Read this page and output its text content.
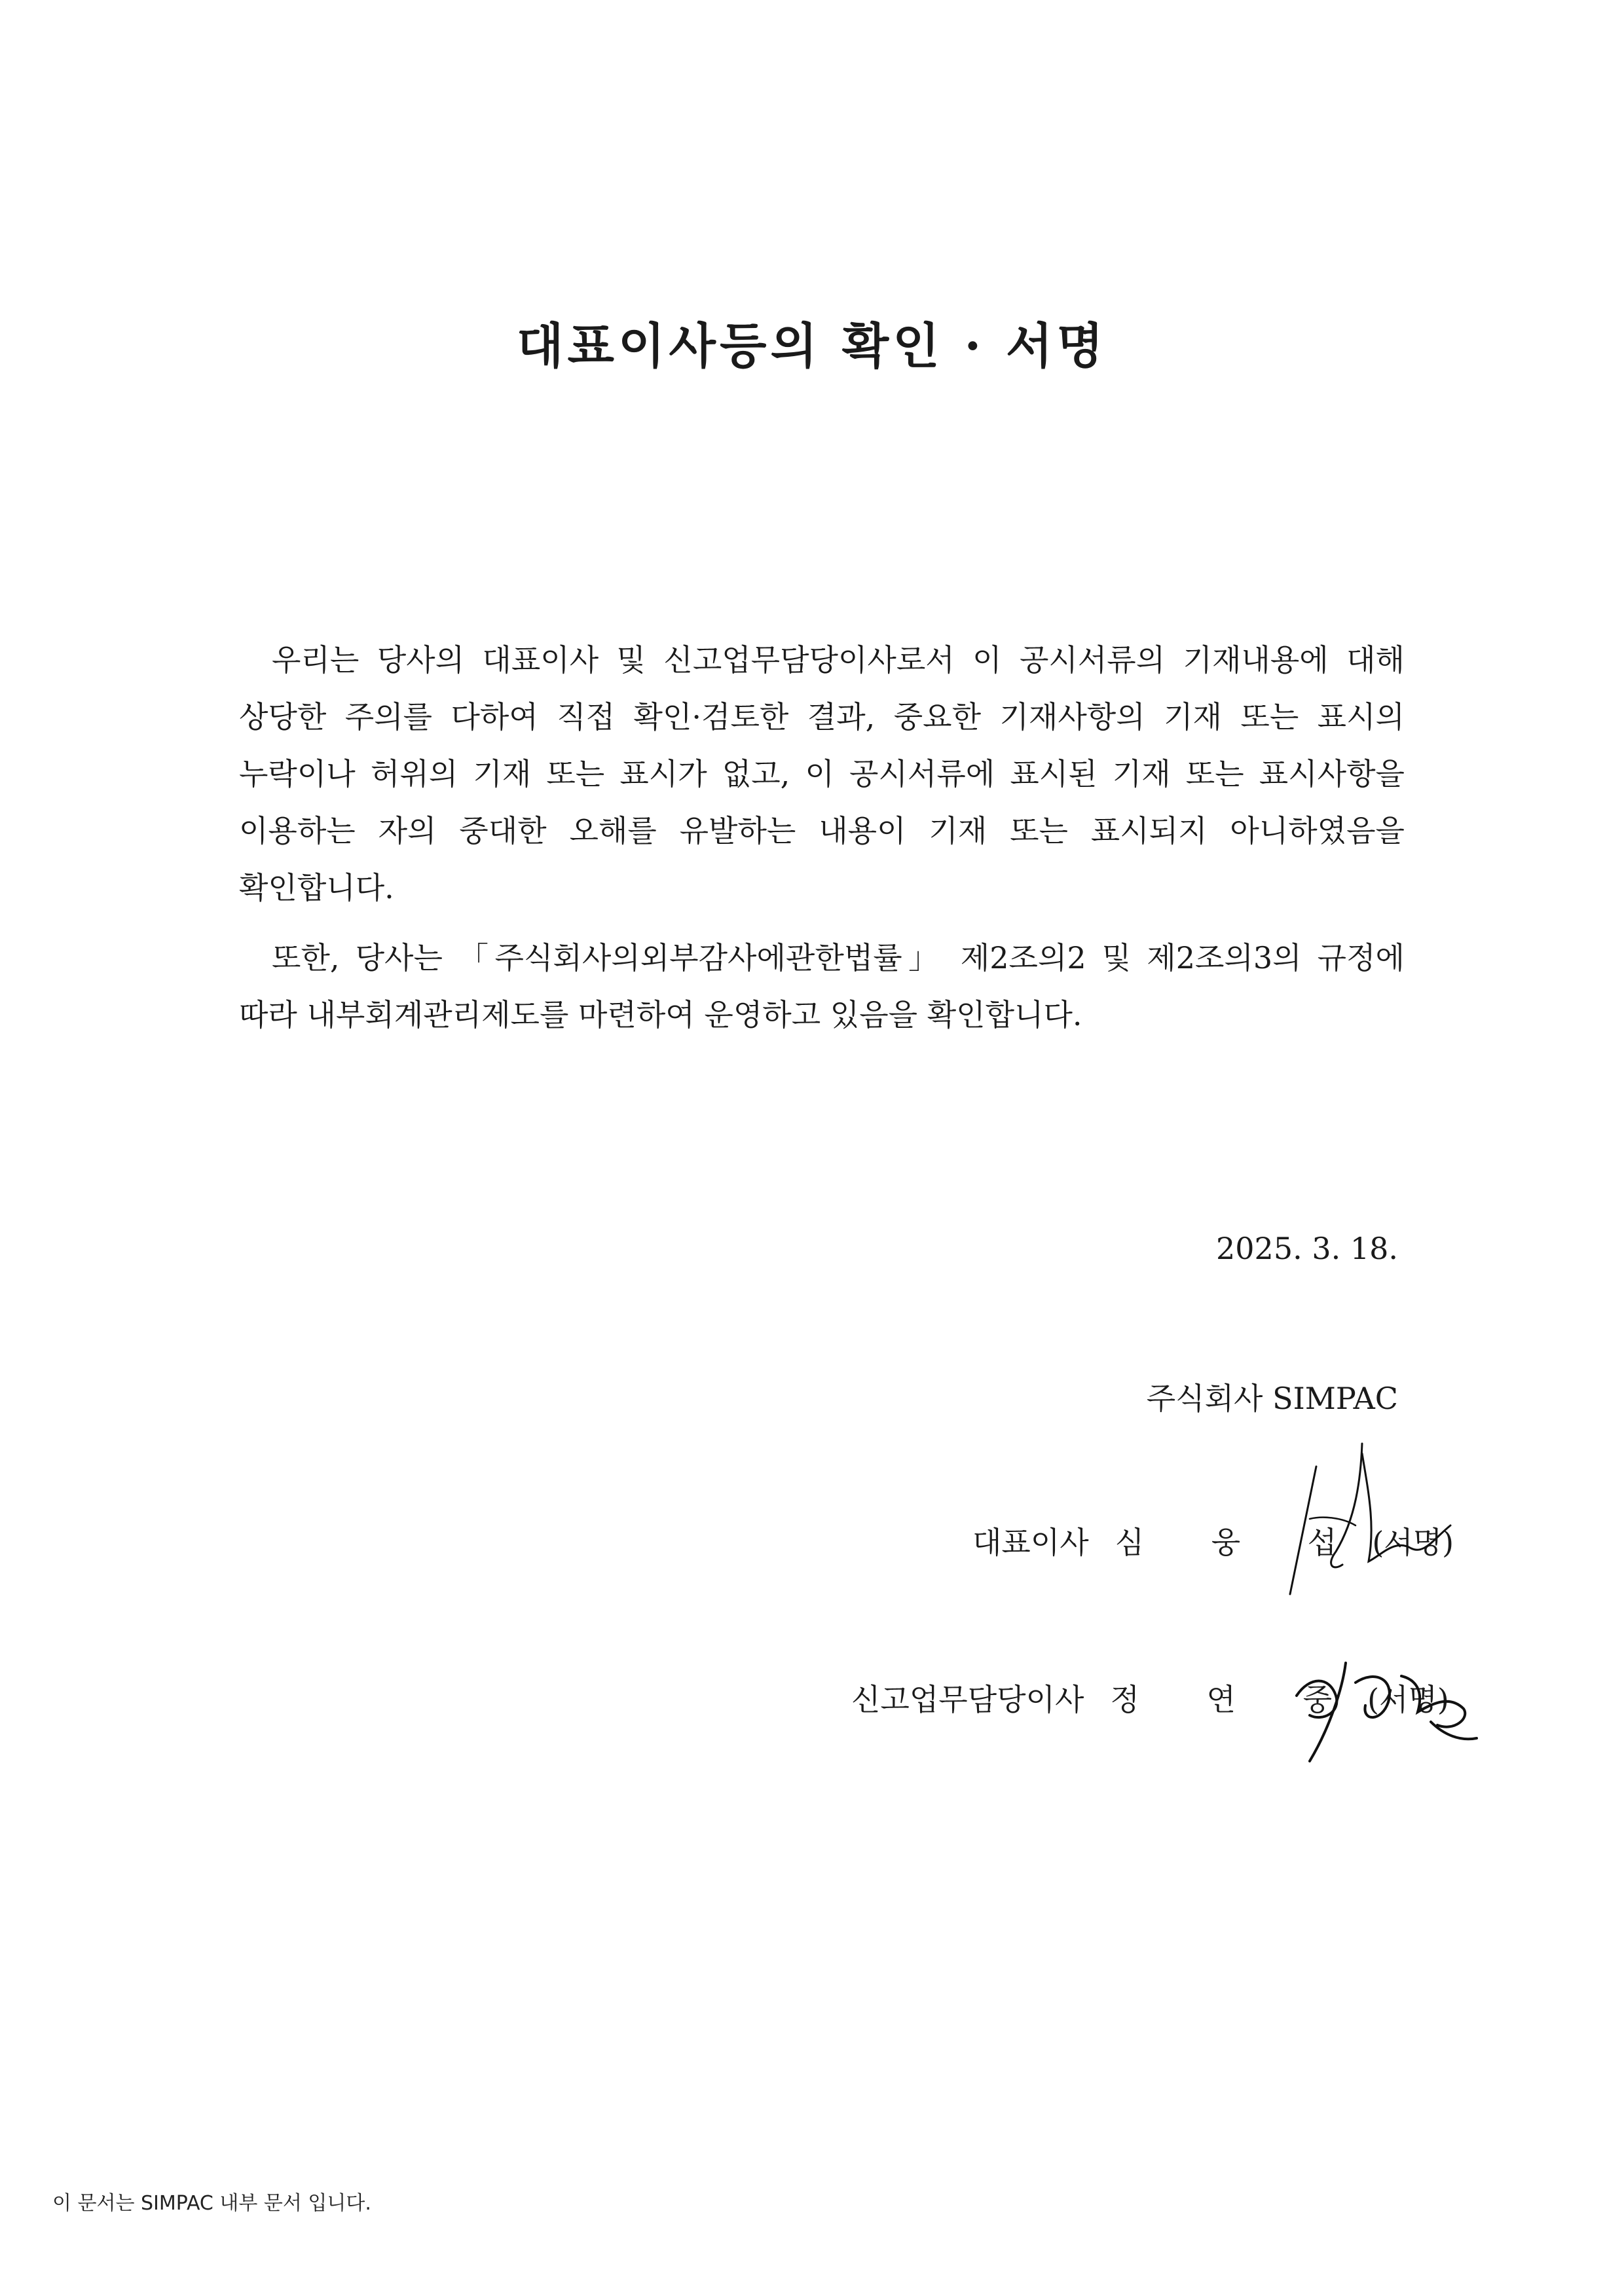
대표이사등의 확인 · 서명

우리는 당사의 대표이사 및 신고업무담당이사로서 이 공시서류의 기재내용에 대해 상당한 주의를 다하여 직접 확인·검토한 결과, 중요한 기재사항의 기재 또는 표시의 누락이나 허위의 기재 또는 표시가 없고, 이 공시서류에 표시된 기재 또는 표시사항을 이용하는 자의 중대한 오해를 유발하는 내용이 기재 또는 표시되지 아니하였음을 확인합니다.

또한, 당사는 「주식회사의외부감사에관한법률」 제2조의2 및 제2조의3의 규정에 따라 내부회계관리제도를 마련하여 운영하고 있음을 확인합니다.

2025. 3. 18.

주식회사 SIMPAC

대표이사 심 웅 섭 (서명)
신고업무담당이사 정 연 중 (서명)
이 문서는 SIMPAC 내부 문서 입니다.
